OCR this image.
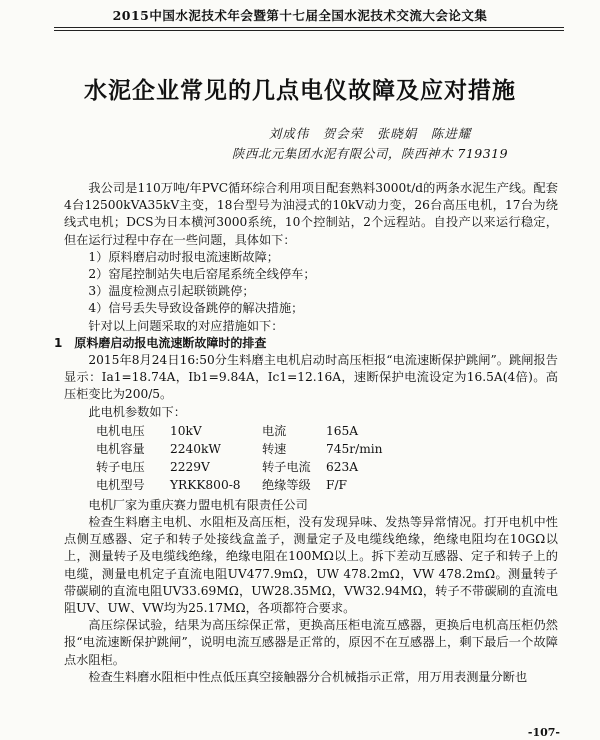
2015中国水泥技术年会暨第十七届全国水泥技术交流大会论文集
水泥企业常见的几点电仪故障及应对措施
刘成伟　贺会荣　张晓娟　陈进耀
陕西北元集团水泥有限公司，陕西神木 719319

我公司是110万吨/年PVC循环综合利用项目配套熟料3000t/d的两条水泥生产线。配套4台12500kVA35kV主变，18台型号为油浸式的10kV动力变，26台高压电机，17台为绕线式电机；DCS为日本横河3000系统，10个控制站，2个远程站。自投产以来运行稳定，但在运行过程中存在一些问题，具体如下：

1）原料磨启动时报电流速断故障；

2）窑尾控制站失电后窑尾系统全线停车；

3）温度检测点引起联锁跳停；

4）信号丢失导致设备跳停的解决措施；

针对以上问题采取的对应措施如下：

1　原料磨启动报电流速断故障时的排查

2015年8月24日16:50分生料磨主电机启动时高压柜报“电流速断保护跳闸”。跳闸报告显示：Ia1=18.74A，Ib1=9.84A，Ic1=12.16A，速断保护电流设定为16.5A(4倍)。高压柜变比为200/5。

此电机参数如下：

电机电压	10kV	电流	165A
电机容量	2240kW	转速	745r/min
转子电压	2229V	转子电流	623A
电机型号	YRKK800-8	绝缘等级	F/F

电机厂家为重庆赛力盟电机有限责任公司

检查生料磨主电机、水阻柜及高压柜，没有发现异味、发热等异常情况。打开电机中性点侧互感器、定子和转子处接线盒盖子，测量定子及电缆线绝缘，绝缘电阻均在10GΩ以上，测量转子及电缆线绝缘，绝缘电阻在100MΩ以上。拆下差动互感器、定子和转子上的电缆，测量电机定子直流电阻UV477.9mΩ，UW 478.2mΩ，VW 478.2mΩ。测量转子带碳刷的直流电阻UV33.69MΩ，UW28.35MΩ，VW32.94MΩ，转子不带碳刷的直流电阻UV、UW、VW均为25.17MΩ，各项都符合要求。

高压综保试验，结果为高压综保正常，更换高压柜电流互感器，更换后电机高压柜仍然报“电流速断保护跳闸”，说明电流互感器是正常的，原因不在互感器上，剩下最后一个故障点水阻柜。

检查生料磨水阻柜中性点低压真空接触器分合机械指示正常，用万用表测量分断也

-107-
